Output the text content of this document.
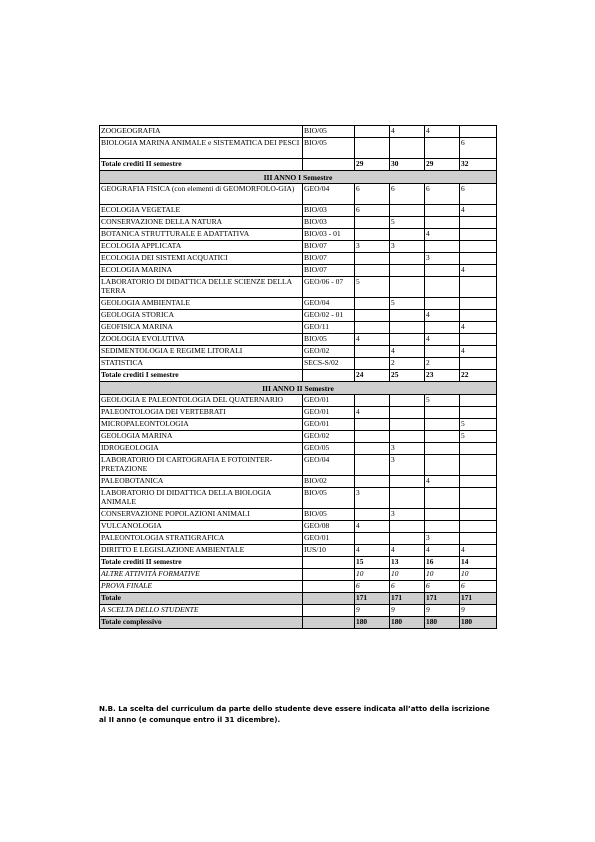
ZOOGEOGRAFIA	BIO/05		4	4	
BIOLOGIA MARINA ANIMALE e SISTEMATICA DEI PESCI	BIO/05				6
Totale crediti II semestre		29	30	29	32
III ANNO I Semestre					
GEOGRAFIA FISICA (con elementi di GEOMORFOLO-GIA)	GEO/04	6	6	6	6
ECOLOGIA VEGETALE	BIO/03	6			4
CONSERVAZIONE DELLA NATURA	BIO/03		5		
BOTANICA STRUTTURALE E ADATTATIVA	BIO/03 - 01			4	
ECOLOGIA APPLICATA	BIO/07	3	3		
ECOLOGIA DEI SISTEMI ACQUATICI	BIO/07			3	
ECOLOGIA MARINA	BIO/07				4
LABORATORIO DI DIDATTICA DELLE SCIENZE DELLA TERRA	GEO/06 - 07	5			
GEOLOGIA AMBIENTALE	GEO/04		5		
GEOLOGIA STORICA	GEO/02 - 01			4	
GEOFISICA MARINA	GEO/11				4
ZOOLOGIA EVOLUTIVA	BIO/05	4		4	
SEDIMENTOLOGIA E REGIME LITORALI	GEO/02		4		4
STATISTICA	SECS-S/02		2	2	
Totale crediti I semestre		24	25	23	22
III ANNO II Semestre					
GEOLOGIA E PALEONTOLOGIA DEL QUATERNARIO	GEO/01			5	
PALEONTOLOGIA DEI VERTEBRATI	GEO/01	4			
MICROPALEONTOLOGIA	GEO/01				5
GEOLOGIA MARINA	GEO/02				5
IDROGEOLOGIA	GEO/05		3		
LABORATORIO DI CARTOGRAFIA E FOTOINTER-PRETAZIONE	GEO/04		3		
PALEOBOTANICA	BIO/02			4	
LABORATORIO DI DIDATTICA DELLA BIOLOGIA ANIMALE	BIO/05	3			
CONSERVAZIONE POPOLAZIONI ANIMALI	BIO/05		3		
VULCANOLOGIA	GEO/08	4			
PALEONTOLOGIA STRATIGRAFICA	GEO/01			3	
DIRITTO E LEGISLAZIONE AMBIENTALE	IUS/10	4	4	4	4
Totale crediti II semestre		15	13	16	14
ALTRE ATTIVITÀ FORMATIVE		10	10	10	10
PROVA FINALE		6	6	6	6
Totale		171	171	171	171
A SCELTA DELLO STUDENTE		9	9	9	9
Totale complessivo		180	180	180	180
N.B. La scelta del curriculum da parte dello studente deve essere indicata all’atto della iscrizione
al II anno (e comunque entro il 31 dicembre).
